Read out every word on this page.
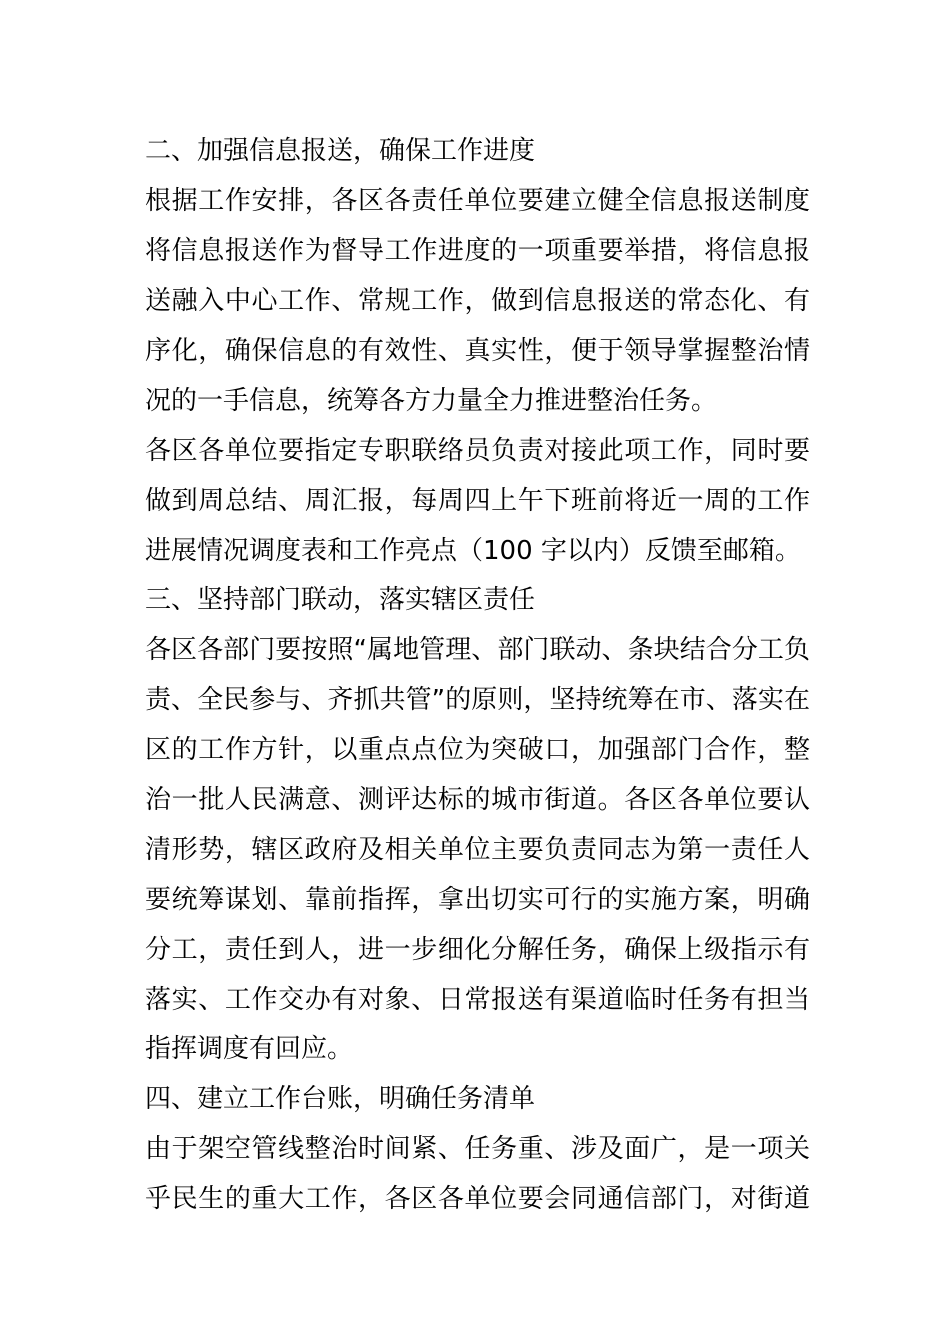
二、加强信息报送，确保工作进度
根据工作安排，各区各责任单位要建立健全信息报送制度
将信息报送作为督导工作进度的一项重要举措，将信息报
送融入中心工作、常规工作，做到信息报送的常态化、有
序化，确保信息的有效性、真实性，便于领导掌握整治情
况的一手信息，统筹各方力量全力推进整治任务。
各区各单位要指定专职联络员负责对接此项工作，同时要
做到周总结、周汇报，每周四上午下班前将近一周的工作
进展情况调度表和工作亮点（100 字以内）反馈至邮箱。
三、坚持部门联动，落实辖区责任
各区各部门要按照“属地管理、部门联动、条块结合分工负
责、全民参与、齐抓共管”的原则，坚持统筹在市、落实在
区的工作方针，以重点点位为突破口，加强部门合作，整
治一批人民满意、测评达标的城市街道。各区各单位要认
清形势，辖区政府及相关单位主要负责同志为第一责任人
要统筹谋划、靠前指挥，拿出切实可行的实施方案，明确
分工，责任到人，进一步细化分解任务，确保上级指示有
落实、工作交办有对象、日常报送有渠道临时任务有担当
指挥调度有回应。
四、建立工作台账，明确任务清单
由于架空管线整治时间紧、任务重、涉及面广，是一项关
乎民生的重大工作，各区各单位要会同通信部门，对街道
